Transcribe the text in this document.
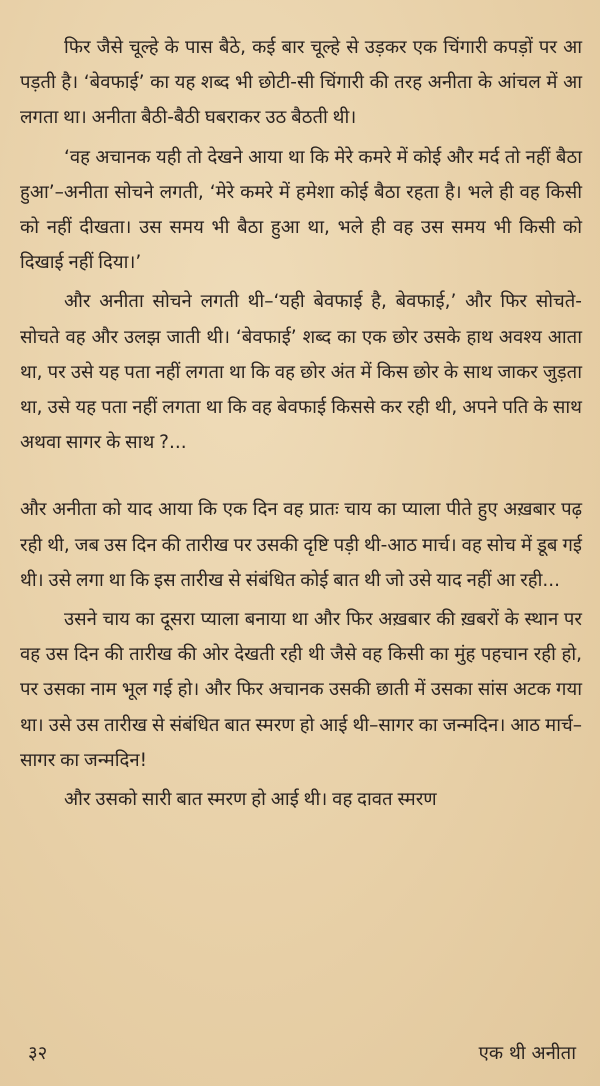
फिर जैसे चूल्हे के पास बैठे, कई बार चूल्हे से उड़कर एक चिंगारी कपड़ों पर आ पड़ती है। ‘बेवफाई’ का यह शब्द भी छोटी-सी चिंगारी की तरह अनीता के आंचल में आ लगता था। अनीता बैठी-बैठी घबराकर उठ बैठती थी।

‘वह अचानक यही तो देखने आया था कि मेरे कमरे में कोई और मर्द तो नहीं बैठा हुआ’–अनीता सोचने लगती, ‘मेरे कमरे में हमेशा कोई बैठा रहता है। भले ही वह किसी को नहीं दीखता। उस समय भी बैठा हुआ था, भले ही वह उस समय भी किसी को दिखाई नहीं दिया।’

और अनीता सोचने लगती थी–‘यही बेवफाई है, बेवफाई,’ और फिर सोचते-सोचते वह और उलझ जाती थी। ‘बेवफाई’ शब्द का एक छोर उसके हाथ अवश्य आता था, पर उसे यह पता नहीं लगता था कि वह छोर अंत में किस छोर के साथ जाकर जुड़ता था, उसे यह पता नहीं लगता था कि वह बेवफाई किससे कर रही थी, अपने पति के साथ अथवा सागर के साथ ?...

और अनीता को याद आया कि एक दिन वह प्रातः चाय का प्याला पीते हुए अख़बार पढ़ रही थी, जब उस दिन की तारीख पर उसकी दृष्टि पड़ी थी-आठ मार्च। वह सोच में डूब गई थी। उसे लगा था कि इस तारीख से संबंधित कोई बात थी जो उसे याद नहीं आ रही...

उसने चाय का दूसरा प्याला बनाया था और फिर अख़बार की ख़बरों के स्थान पर वह उस दिन की तारीख की ओर देखती रही थी जैसे वह किसी का मुंह पहचान रही हो, पर उसका नाम भूल गई हो। और फिर अचानक उसकी छाती में उसका सांस अटक गया था। उसे उस तारीख से संबंधित बात स्मरण हो आई थी–सागर का जन्मदिन। आठ मार्च–सागर का जन्मदिन!

और उसको सारी बात स्मरण हो आई थी। वह दावत स्मरण

३२	एक थी अनीता
